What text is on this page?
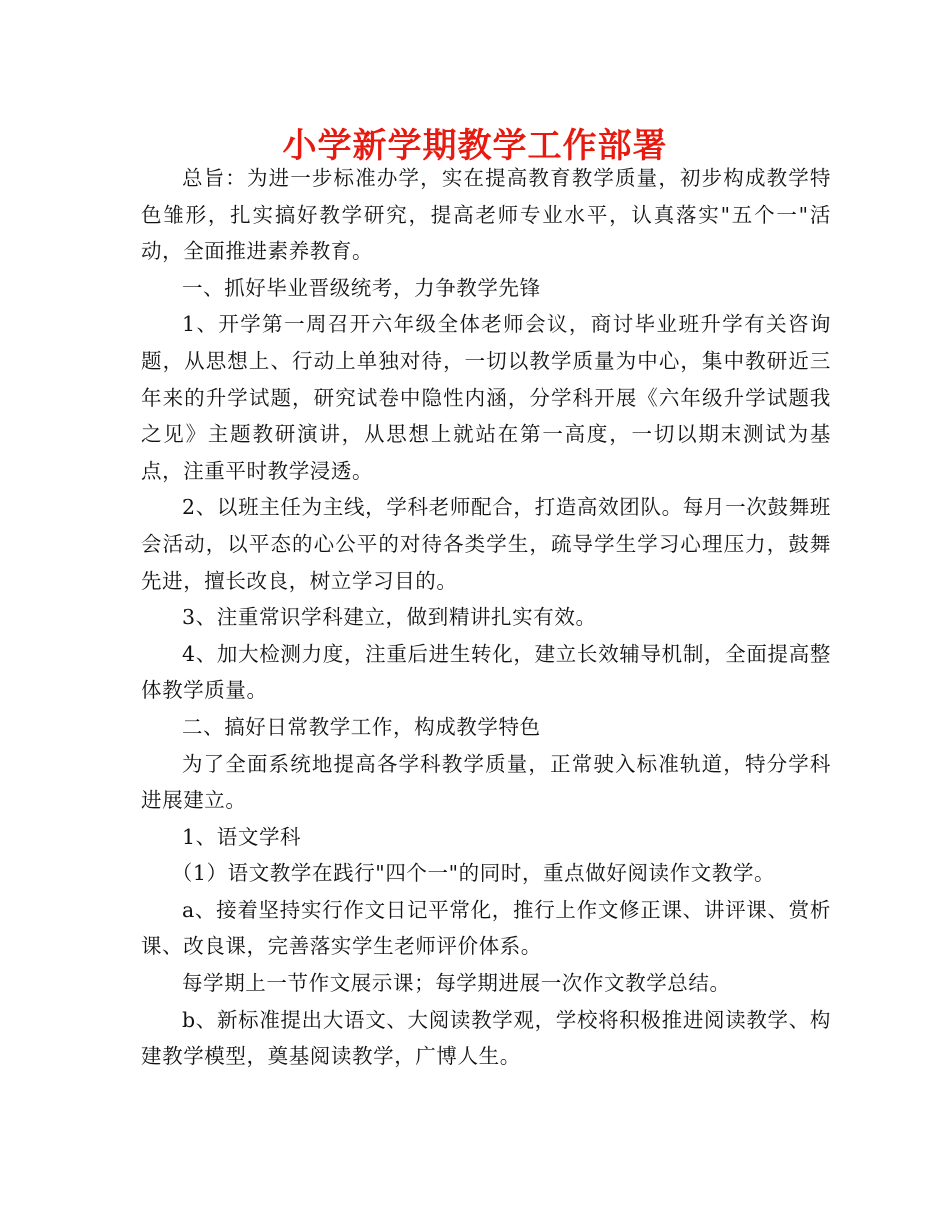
小学新学期教学工作部署

总旨：为进一步标准办学，实在提高教育教学质量，初步构成教学特色雏形，扎实搞好教学研究，提高老师专业水平，认真落实"五个一"活动，全面推进素养教育。

一、抓好毕业晋级统考，力争教学先锋

1、开学第一周召开六年级全体老师会议，商讨毕业班升学有关咨询题，从思想上、行动上单独对待，一切以教学质量为中心，集中教研近三年来的升学试题，研究试卷中隐性内涵，分学科开展《六年级升学试题我之见》主题教研演讲，从思想上就站在第一高度，一切以期末测试为基点，注重平时教学浸透。

2、以班主任为主线，学科老师配合，打造高效团队。每月一次鼓舞班会活动，以平态的心公平的对待各类学生，疏导学生学习心理压力，鼓舞先进，擅长改良，树立学习目的。

3、注重常识学科建立，做到精讲扎实有效。

4、加大检测力度，注重后进生转化，建立长效辅导机制，全面提高整体教学质量。

二、搞好日常教学工作，构成教学特色

为了全面系统地提高各学科教学质量，正常驶入标准轨道，特分学科进展建立。

1、语文学科

（1）语文教学在践行"四个一"的同时，重点做好阅读作文教学。

a、接着坚持实行作文日记平常化，推行上作文修正课、讲评课、赏析课、改良课，完善落实学生老师评价体系。

每学期上一节作文展示课；每学期进展一次作文教学总结。

b、新标准提出大语文、大阅读教学观，学校将积极推进阅读教学、构建教学模型，奠基阅读教学，广博人生。
